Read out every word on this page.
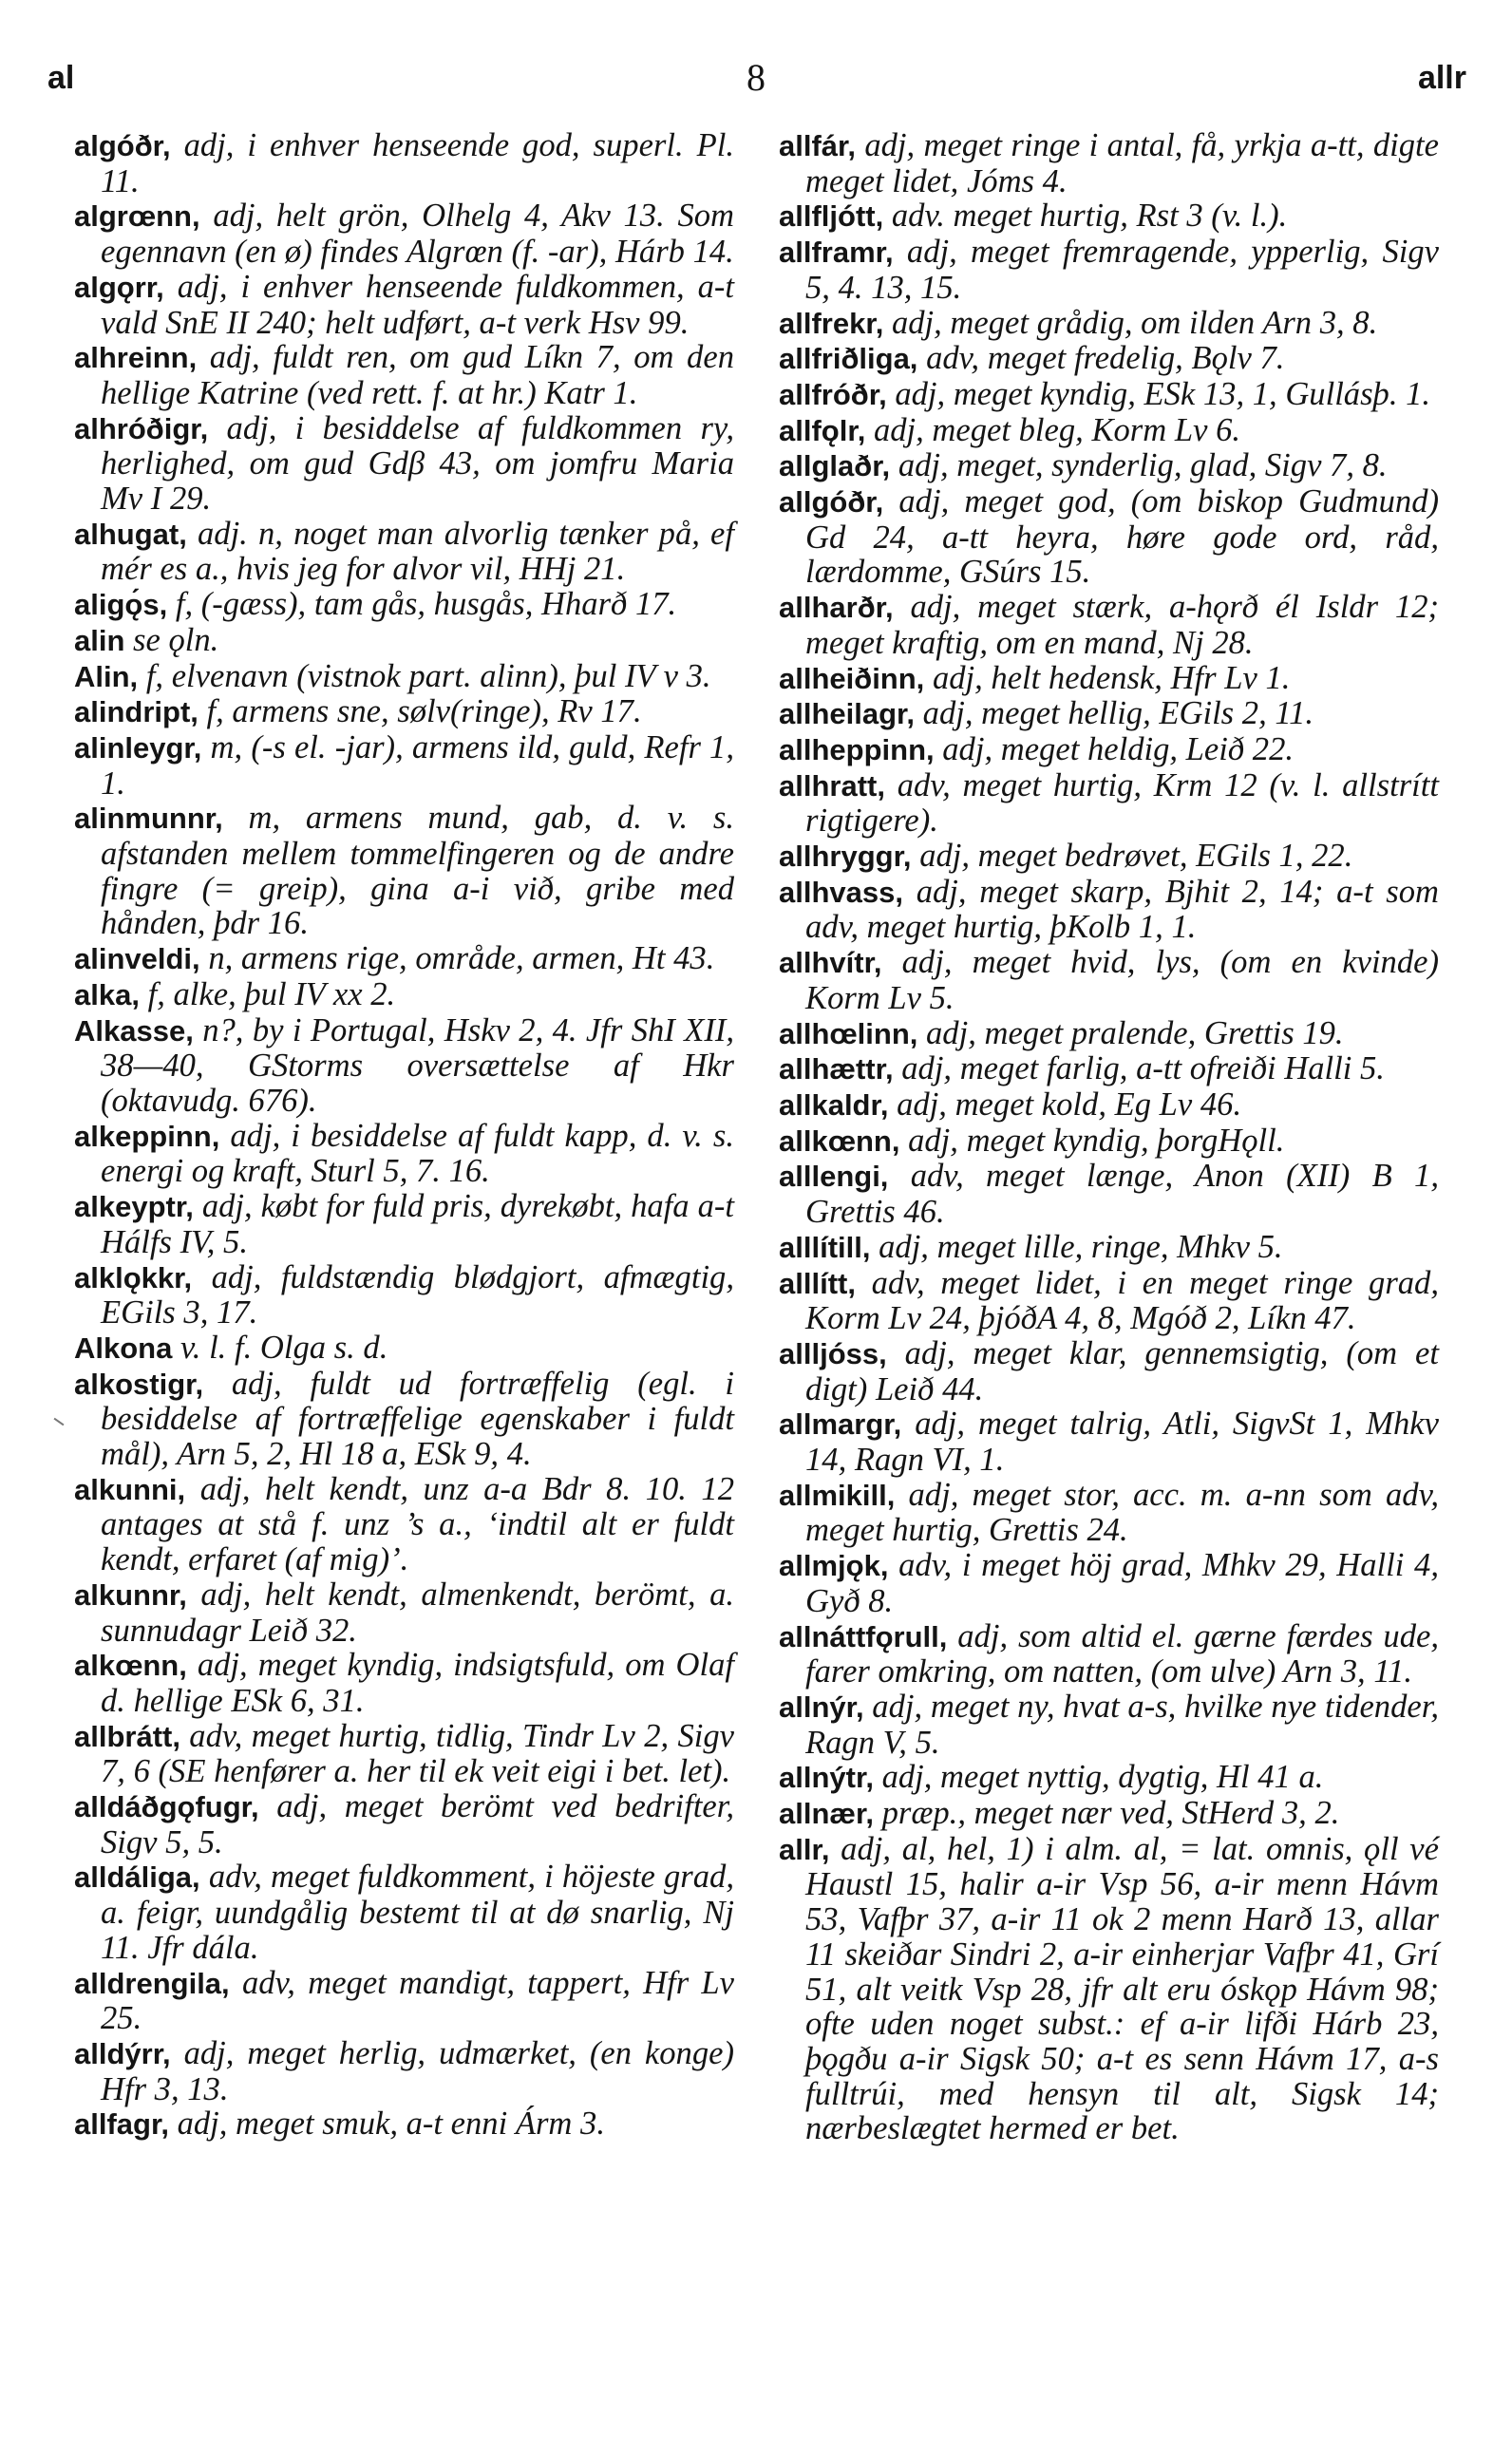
al	8	allr

algóðr, adj, i enhver henseende god, superl. Pl. 11.

algrœnn, adj, helt grön, Olhelg 4, Akv 13. Som egennavn (en ø) findes Algrœn (f. -ar), Hárb 14.

algǫrr, adj, i enhver henseende fuldkommen, a-t vald SnE II 240; helt udført, a-t verk Hsv 99.

alhreinn, adj, fuldt ren, om gud Líkn 7, om den hellige Katrine (ved rett. f. at hr.) Katr 1.

alhróðigr, adj, i besiddelse af fuldkommen ry, herlighed, om gud Gdβ 43, om jomfru Maria Mv I 29.

alhugat, adj. n, noget man alvorlig tænker på, ef mér es a., hvis jeg for alvor vil, HHj 21.

aligǫ́s, f, (-gæss), tam gås, husgås, Hharð 17.

alin se ǫln.

Alin, f, elvenavn (vistnok part. alinn), þul IV v 3.

alindript, f, armens sne, sølv(ringe), Rv 17.

alinleygr, m, (-s el. -jar), armens ild, guld, Refr 1, 1.

alinmunnr, m, armens mund, gab, d. v. s. afstanden mellem tommelfingeren og de andre fingre (= greip), gina a-i við, gribe med hånden, þdr 16.

alinveldi, n, armens rige, område, armen, Ht 43.

alka, f, alke, þul IV xx 2.

Alkasse, n?, by i Portugal, Hskv 2, 4. Jfr ShI XII, 38—40, GStorms oversættelse af Hkr (oktavudg. 676).

alkeppinn, adj, i besiddelse af fuldt kapp, d. v. s. energi og kraft, Sturl 5, 7. 16.

alkeyptr, adj, købt for fuld pris, dyrekøbt, hafa a-t Hálfs IV, 5.

alklǫkkr, adj, fuldstændig blødgjort, afmægtig, EGils 3, 17.

Alkona v. l. f. Olga s. d.

alkostigr, adj, fuldt ud fortræffelig (egl. i besiddelse af fortræffelige egenskaber i fuldt mål), Arn 5, 2, Hl 18 a, ESk 9, 4.

alkunni, adj, helt kendt, unz a-a Bdr 8. 10. 12 antages at stå f. unz ’s a., ‘indtil alt er fuldt kendt, erfaret (af mig)’.

alkunnr, adj, helt kendt, almenkendt, berömt, a. sunnudagr Leið 32.

alkœnn, adj, meget kyndig, indsigtsfuld, om Olaf d. hellige ESk 6, 31.

allbrátt, adv, meget hurtig, tidlig, Tindr Lv 2, Sigv 7, 6 (SE henfører a. her til ek veit eigi i bet. let).

alldáðgǫfugr, adj, meget berömt ved bedrifter, Sigv 5, 5.

alldáliga, adv, meget fuldkomment, i höjeste grad, a. feigr, uundgålig bestemt til at dø snarlig, Nj 11. Jfr dála.

alldrengila, adv, meget mandigt, tappert, Hfr Lv 25.

alldýrr, adj, meget herlig, udmærket, (en konge) Hfr 3, 13.

allfagr, adj, meget smuk, a-t enni Árm 3.

allfár, adj, meget ringe i antal, få, yrkja a-tt, digte meget lidet, Jóms 4.

allfljótt, adv. meget hurtig, Rst 3 (v. l.).

allframr, adj, meget fremragende, ypperlig, Sigv 5, 4. 13, 15.

allfrekr, adj, meget grådig, om ilden Arn 3, 8.

allfriðliga, adv, meget fredelig, Bǫlv 7.

allfróðr, adj, meget kyndig, ESk 13, 1, Gullásþ. 1.

allfǫlr, adj, meget bleg, Korm Lv 6.

allglaðr, adj, meget, synderlig, glad, Sigv 7, 8.

allgóðr, adj, meget god, (om biskop Gudmund) Gd 24, a-tt heyra, høre gode ord, råd, lærdomme, GSúrs 15.

allharðr, adj, meget stærk, a-hǫrð él Isldr 12; meget kraftig, om en mand, Nj 28.

allheiðinn, adj, helt hedensk, Hfr Lv 1.

allheilagr, adj, meget hellig, EGils 2, 11.

allheppinn, adj, meget heldig, Leið 22.

allhratt, adv, meget hurtig, Krm 12 (v. l. allstrítt rigtigere).

allhryggr, adj, meget bedrøvet, EGils 1, 22.

allhvass, adj, meget skarp, Bjhit 2, 14; a-t som adv, meget hurtig, þKolb 1, 1.

allhvítr, adj, meget hvid, lys, (om en kvinde) Korm Lv 5.

allhœlinn, adj, meget pralende, Grettis 19.

allhættr, adj, meget farlig, a-tt ofreiði Halli 5.

allkaldr, adj, meget kold, Eg Lv 46.

allkœnn, adj, meget kyndig, þorgHǫll.

alllengi, adv, meget længe, Anon (XII) B 1, Grettis 46.

alllítill, adj, meget lille, ringe, Mhkv 5.

alllítt, adv, meget lidet, i en meget ringe grad, Korm Lv 24, þjóðA 4, 8, Mgóð 2, Líkn 47.

allljóss, adj, meget klar, gennemsigtig, (om et digt) Leið 44.

allmargr, adj, meget talrig, Atli, SigvSt 1, Mhkv 14, Ragn VI, 1.

allmikill, adj, meget stor, acc. m. a-nn som adv, meget hurtig, Grettis 24.

allmjǫk, adv, i meget höj grad, Mhkv 29, Halli 4, Gyð 8.

allnáttfǫrull, adj, som altid el. gærne færdes ude, farer omkring, om natten, (om ulve) Arn 3, 11.

allnýr, adj, meget ny, hvat a-s, hvilke nye tidender, Ragn V, 5.

allnýtr, adj, meget nyttig, dygtig, Hl 41 a.

allnær, præp., meget nær ved, StHerd 3, 2.

allr, adj, al, hel, 1) i alm. al, = lat. omnis, ǫll vé Haustl 15, halir a-ir Vsp 56, a-ir menn Hávm 53, Vafþr 37, a-ir 11 ok 2 menn Harð 13, allar 11 skeiðar Sindri 2, a-ir einherjar Vafþr 41, Grí 51, alt veitk Vsp 28, jfr alt eru óskǫp Hávm 98; ofte uden noget subst.: ef a-ir lifði Hárb 23, þǫgðu a-ir Sigsk 50; a-t es senn Hávm 17, a-s fulltrúi, med hensyn til alt, Sigsk 14; nærbeslægtet hermed er bet.
